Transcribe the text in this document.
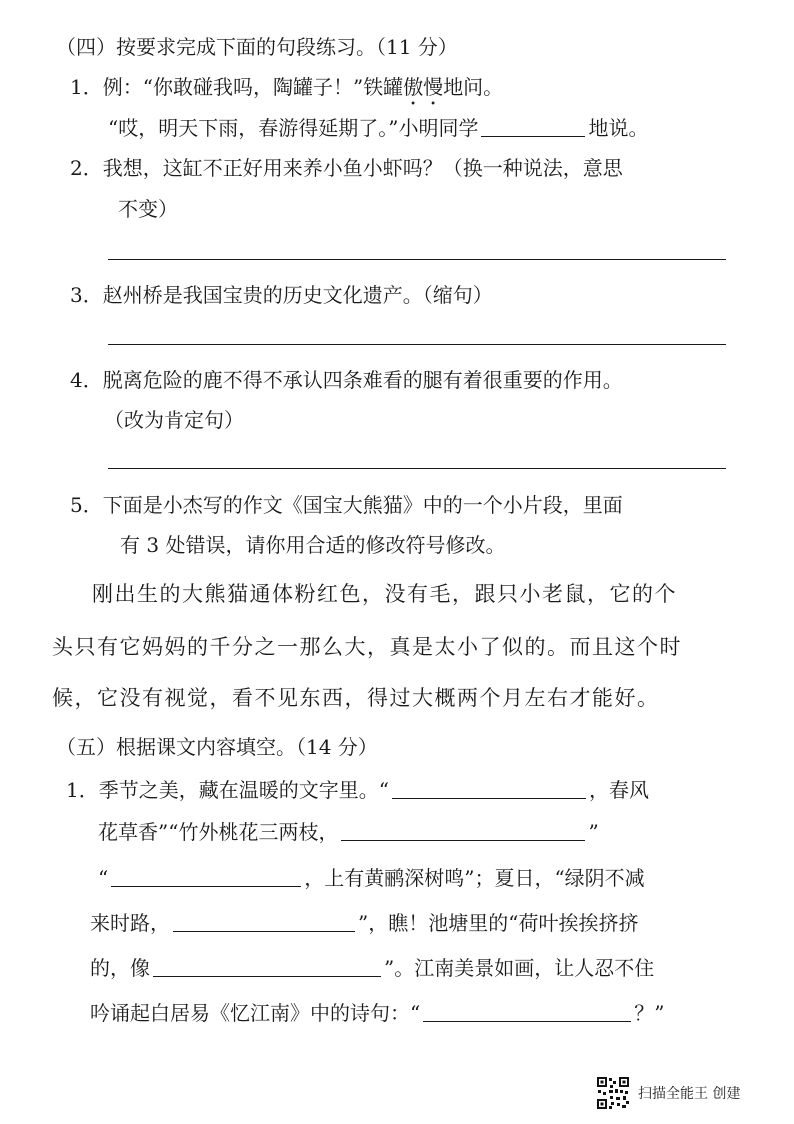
（四）按要求完成下面的句段练习。（11 分）
1．例：“你敢碰我吗，陶罐子！”铁罐傲慢地问。
“哎，明天下雨，春游得延期了。”小明同学	地说。
2．我想，这缸不正好用来养小鱼小虾吗？（换一种说法，意思
不变）
3．赵州桥是我国宝贵的历史文化遗产。（缩句）
4．脱离危险的鹿不得不承认四条难看的腿有着很重要的作用。
（改为肯定句）
5．下面是小杰写的作文《国宝大熊猫》中的一个小片段，里面
有 3 处错误，请你用合适的修改符号修改。
刚出生的大熊猫通体粉红色，没有毛，跟只小老鼠，它的个
头只有它妈妈的千分之一那么大，真是太小了似的。而且这个时
候，它没有视觉，看不见东西，得过大概两个月左右才能好。
（五）根据课文内容填空。（14 分）
1．季节之美，藏在温暖的文字里。“	，春风
花草香”“竹外桃花三两枝，	”
“	，上有黄鹂深树鸣”；夏日，“绿阴不减
来时路，	”，瞧！池塘里的“荷叶挨挨挤挤
的，像	”。江南美景如画，让人忍不住
吟诵起白居易《忆江南》中的诗句：“	？”
扫描全能王 创建
